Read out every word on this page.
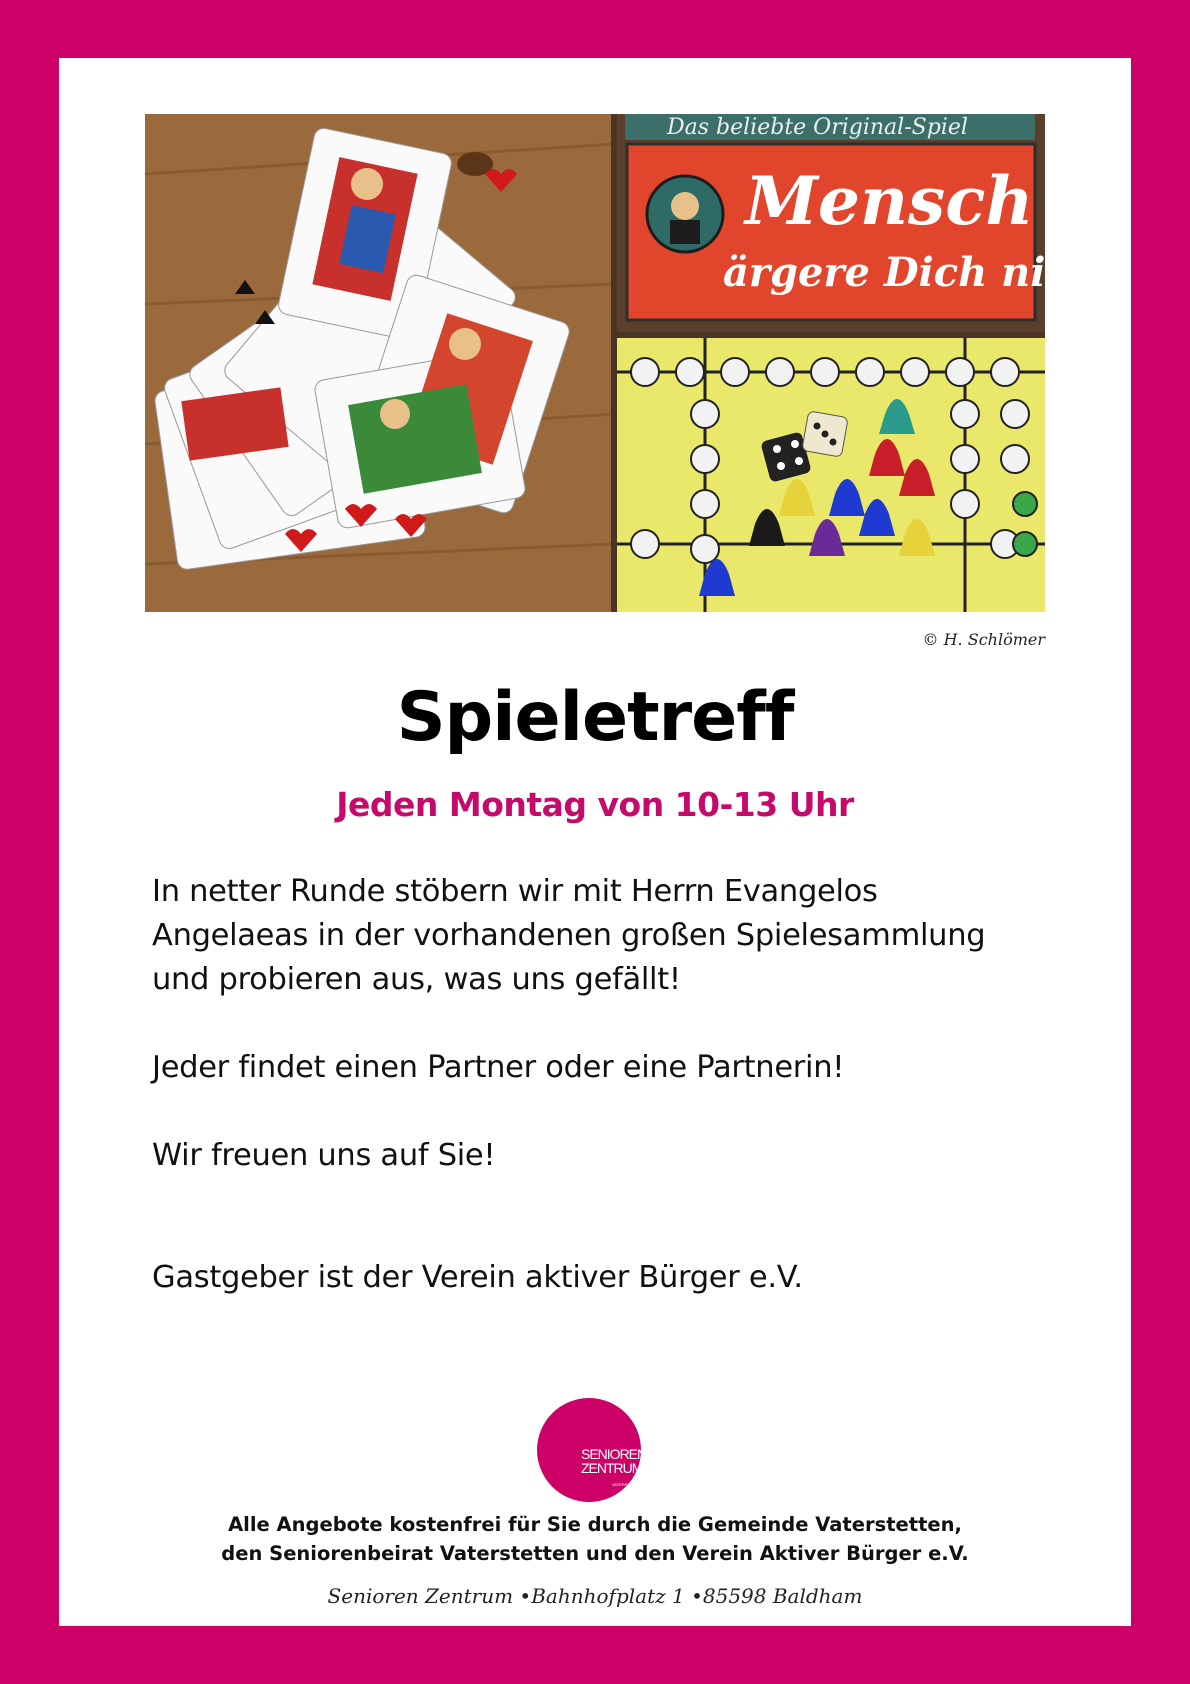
Das beliebte Original-Spiel
Mensch
ärgere Dich nicht
© H. Schlömer
Spieletreff
Jeden Montag von 10-13 Uhr
In netter Runde stöbern wir mit Herrn Evangelos
Angelaeas in der vorhandenen großen Spielesammlung
und probieren aus, was uns gefällt!
Jeder findet einen Partner oder eine Partnerin!
Wir freuen uns auf Sie!
Gastgeber ist der Verein aktiver Bürger e.V.
SENIOREN
ZENTRUM
VATERSTETTEN
Alle Angebote kostenfrei für Sie durch die Gemeinde Vaterstetten,
den Seniorenbeirat Vaterstetten und den Verein Aktiver Bürger e.V.
Senioren Zentrum •Bahnhofplatz 1 •85598 Baldham
